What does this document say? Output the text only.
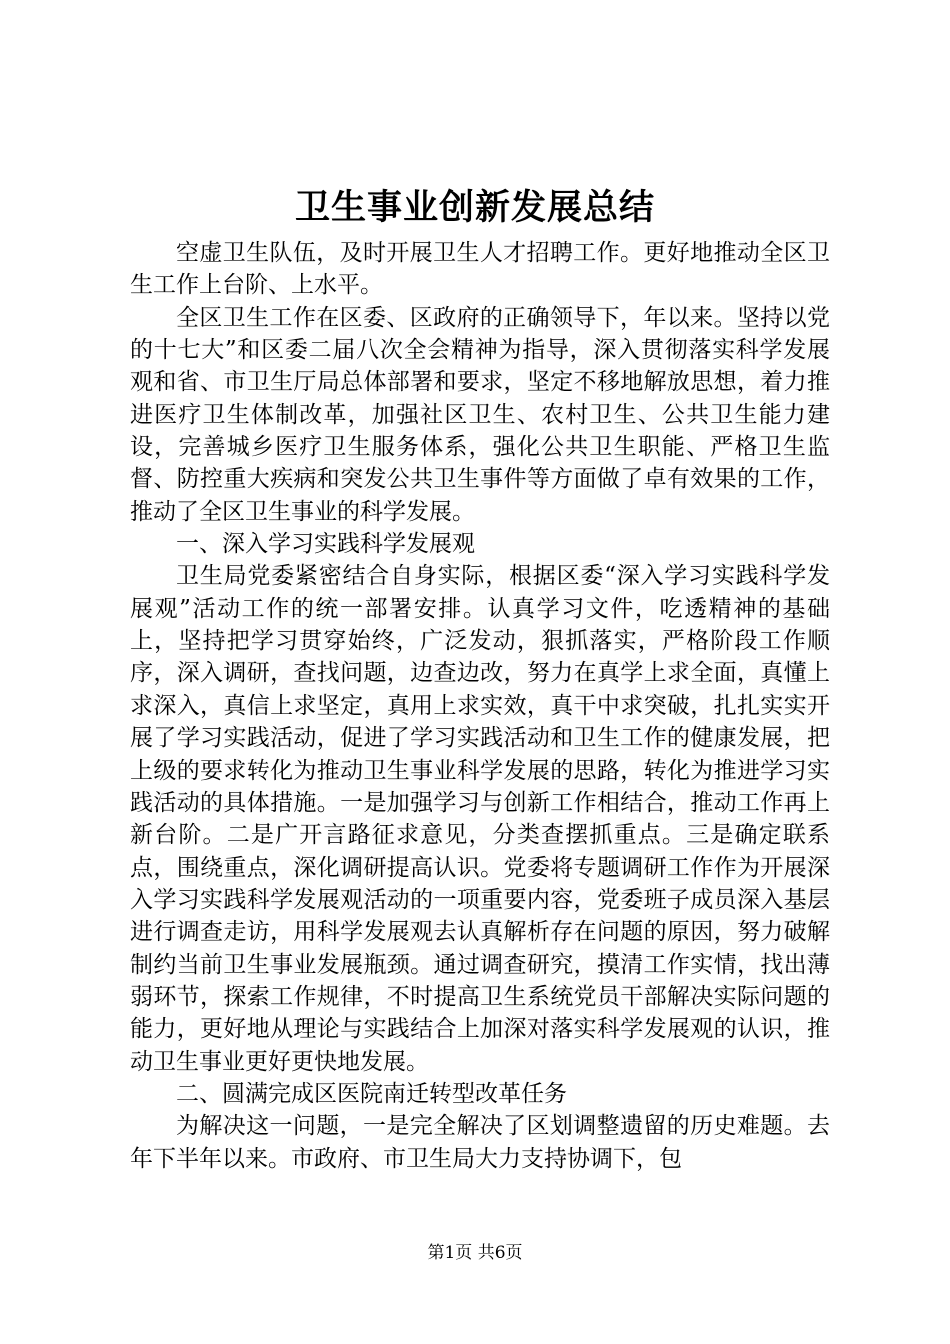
卫生事业创新发展总结

空虚卫生队伍，及时开展卫生人才招聘工作。更好地推动全区卫生工作上台阶、上水平。

全区卫生工作在区委、区政府的正确领导下，年以来。坚持以党的十七大”和区委二届八次全会精神为指导，深入贯彻落实科学发展观和省、市卫生厅局总体部署和要求，坚定不移地解放思想，着力推进医疗卫生体制改革，加强社区卫生、农村卫生、公共卫生能力建设，完善城乡医疗卫生服务体系，强化公共卫生职能、严格卫生监督、防控重大疾病和突发公共卫生事件等方面做了卓有效果的工作，推动了全区卫生事业的科学发展。

一、深入学习实践科学发展观

卫生局党委紧密结合自身实际，根据区委“深入学习实践科学发展观”活动工作的统一部署安排。认真学习文件，吃透精神的基础上，坚持把学习贯穿始终，广泛发动，狠抓落实，严格阶段工作顺序，深入调研，查找问题，边查边改，努力在真学上求全面，真懂上求深入，真信上求坚定，真用上求实效，真干中求突破，扎扎实实开展了学习实践活动，促进了学习实践活动和卫生工作的健康发展，把上级的要求转化为推动卫生事业科学发展的思路，转化为推进学习实践活动的具体措施。一是加强学习与创新工作相结合，推动工作再上新台阶。二是广开言路征求意见，分类查摆抓重点。三是确定联系点，围绕重点，深化调研提高认识。党委将专题调研工作作为开展深入学习实践科学发展观活动的一项重要内容，党委班子成员深入基层进行调查走访，用科学发展观去认真解析存在问题的原因，努力破解制约当前卫生事业发展瓶颈。通过调查研究，摸清工作实情，找出薄弱环节，探索工作规律，不时提高卫生系统党员干部解决实际问题的能力，更好地从理论与实践结合上加深对落实科学发展观的认识，推动卫生事业更好更快地发展。

二、圆满完成区医院南迁转型改革任务

为解决这一问题，一是完全解决了区划调整遗留的历史难题。去年下半年以来。市政府、市卫生局大力支持协调下，包

第1页 共6页
